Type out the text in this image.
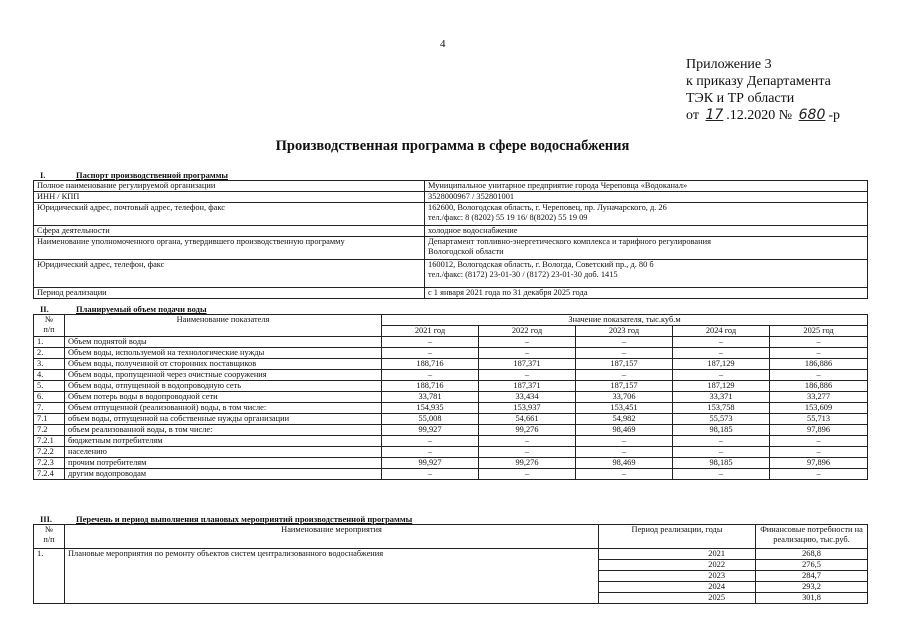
4
Приложение 3
к приказу Департамента
ТЭК и ТР области
от 17 .12.2020 № 680 -р
Производственная программа в сфере водоснабжения
I.	Паспорт производственной программы
Полное наименование регулируемой организации	Муниципальное унитарное предприятие города Череповца «Водоканал»
ИНН / КПП	3528000967 / 352801001
Юридический адрес, почтовый адрес, телефон, факс	162600, Вологодская область, г. Череповец, пр. Луначарского, д. 26
тел./факс: 8 (8202) 55 19 16/ 8(8202) 55 19 09

Сфера деятельности	холодное водоснабжение
Наименование уполномоченного органа, утвердившего производственную программу	Департамент топливно-энергетического комплекса и тарифного регулирования
Вологодской области

Юридический адрес, телефон, факс	160012, Вологодская область, г. Вологда, Советский пр., д. 80 б
тел./факс: (8172) 23-01-30 / (8172) 23-01-30 доб. 1415

Период реализации	с 1 января 2021 года по 31 декабря 2025 года
II.	Планируемый объем подачи воды
№
п/п	Наименование показателя	Значение показателя, тыс.куб.м				
		2021 год	2022 год	2023 год	2024 год	2025 год
1.	Объем поднятой воды	–	–	–	–	–
2.	Объем воды, используемой на технологические нужды	–	–	–	–	–
3.	Объем воды, полученной от сторонних поставщиков	188,716	187,371	187,157	187,129	186,886
4.	Объем воды, пропущенной через очистные сооружения	–	–	–	–	–
5.	Объем воды, отпущенной в водопроводную сеть	188,716	187,371	187,157	187,129	186,886
6.	Объем потерь воды в водопроводной сети	33,781	33,434	33,706	33,371	33,277
7.	Объем отпущенной (реализованной) воды, в том числе:	154,935	153,937	153,451	153,758	153,609
7.1	объем воды, отпущенной на собственные нужды организации	55,008	54,661	54,982	55,573	55,713
7.2	объем реализованной воды, в том числе:	99,927	99,276	98,469	98,185	97,896
7.2.1	бюджетным потребителям	–	–	–	–	–
7.2.2	населению	–	–	–	–	–
7.2.3	прочим потребителям	99,927	99,276	98,469	98,185	97,896
7.2.4	другим водопроводам	–	–	–	–	–
III.	Перечень и период выполнения плановых мероприятий производственной программы
№
п/п	Наименование мероприятия	Период реализации, годы	Финансовые потребности на реализацию, тыс.руб.
1.	Плановые мероприятия по ремонту объектов систем централизованного водоснабжения	2021	268,8
		2022	276,5
		2023	284,7
		2024	293,2
		2025	301,8
